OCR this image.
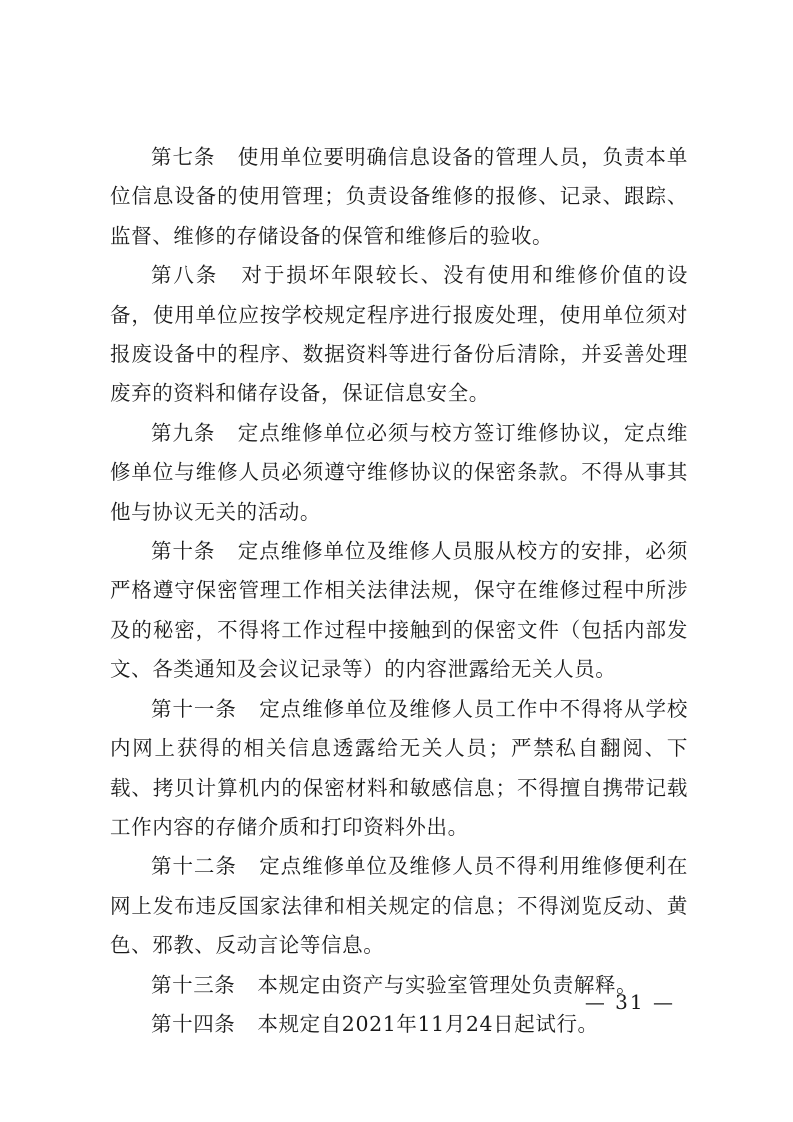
第七条 使用单位要明确信息设备的管理人员，负责本单位信息设备的使用管理；负责设备维修的报修、记录、跟踪、监督、维修的存储设备的保管和维修后的验收。

第八条 对于损坏年限较长、没有使用和维修价值的设备，使用单位应按学校规定程序进行报废处理，使用单位须对报废设备中的程序、数据资料等进行备份后清除，并妥善处理废弃的资料和储存设备，保证信息安全。

第九条 定点维修单位必须与校方签订维修协议，定点维修单位与维修人员必须遵守维修协议的保密条款。不得从事其他与协议无关的活动。

第十条 定点维修单位及维修人员服从校方的安排，必须严格遵守保密管理工作相关法律法规，保守在维修过程中所涉及的秘密，不得将工作过程中接触到的保密文件（包括内部发文、各类通知及会议记录等）的内容泄露给无关人员。

第十一条 定点维修单位及维修人员工作中不得将从学校内网上获得的相关信息透露给无关人员；严禁私自翻阅、下载、拷贝计算机内的保密材料和敏感信息；不得擅自携带记载工作内容的存储介质和打印资料外出。

第十二条 定点维修单位及维修人员不得利用维修便利在网上发布违反国家法律和相关规定的信息；不得浏览反动、黄色、邪教、反动言论等信息。

第十三条 本规定由资产与实验室管理处负责解释。

第十四条 本规定自2021年11月24日起试行。

— 31 —
